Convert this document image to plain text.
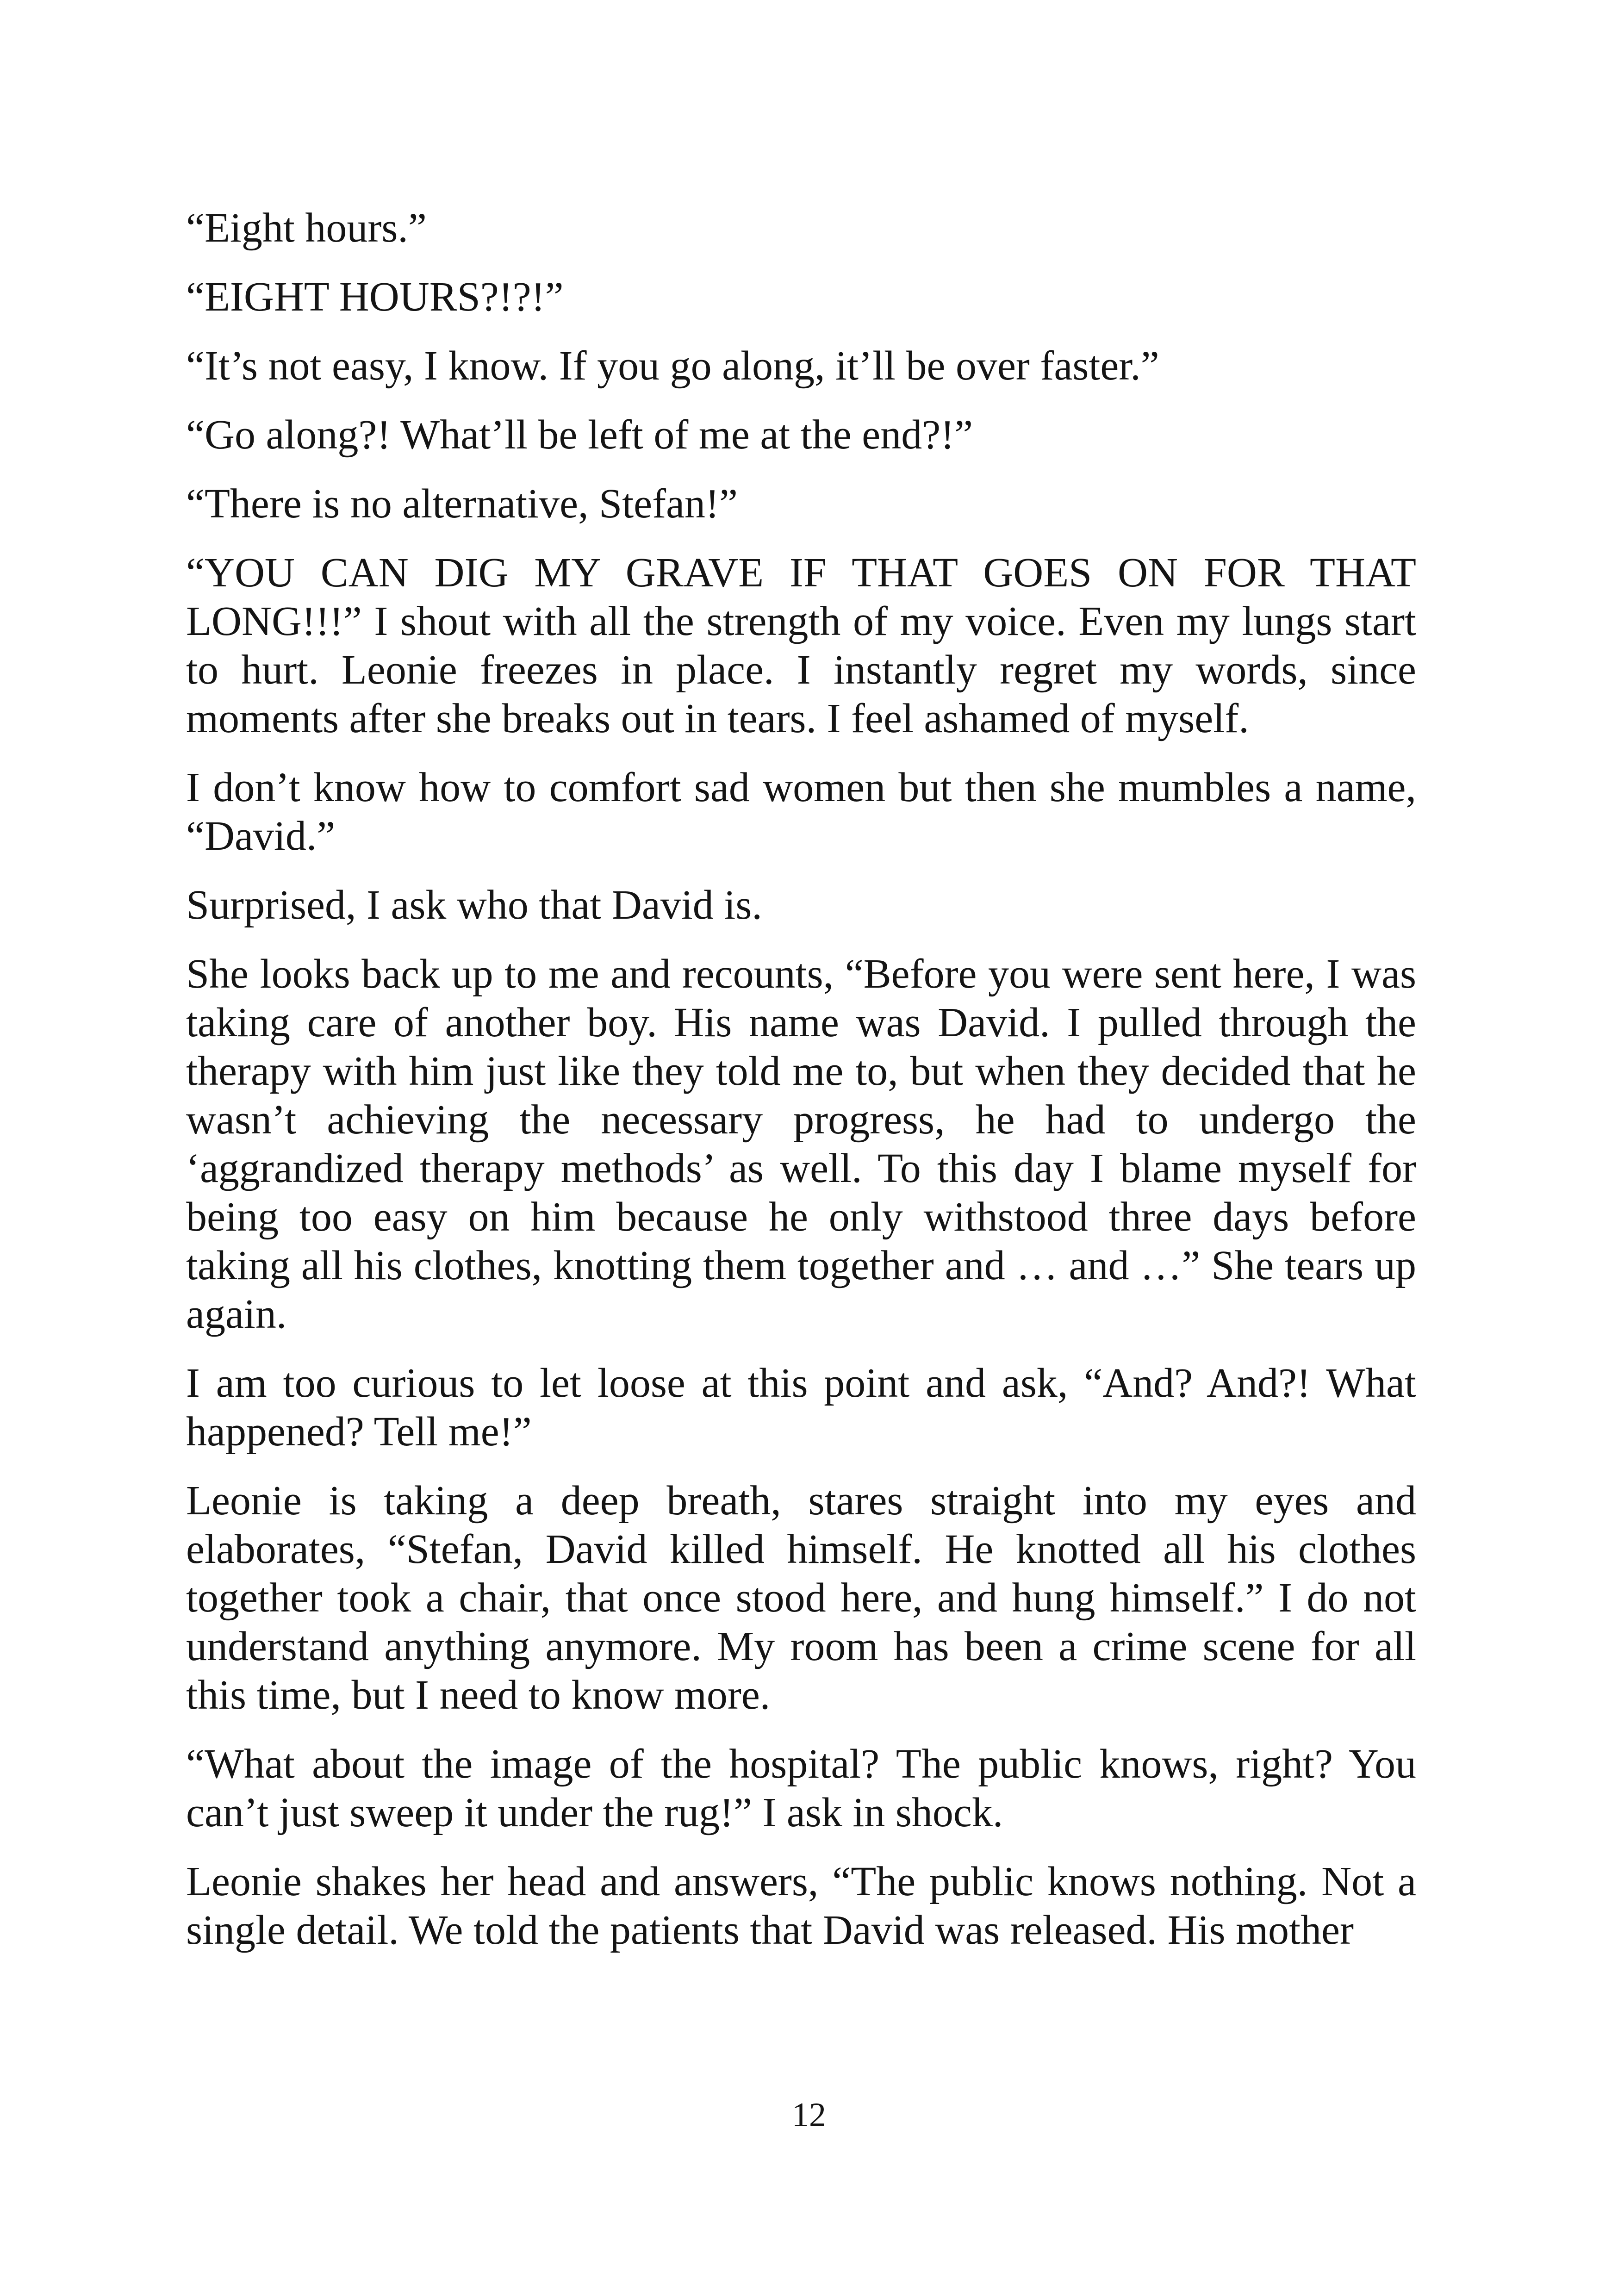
“Eight hours.”

“EIGHT HOURS?!?!”

“It’s not easy, I know. If you go along, it’ll be over faster.”

“Go along?! What’ll be left of me at the end?!”

“There is no alternative, Stefan!”

“YOU CAN DIG MY GRAVE IF THAT GOES ON FOR THAT LONG!!!” I shout with all the strength of my voice. Even my lungs start to hurt. Leonie freezes in place. I instantly regret my words, since moments after she breaks out in tears. I feel ashamed of myself.

I don’t know how to comfort sad women but then she mumbles a name, “David.”

Surprised, I ask who that David is.

She looks back up to me and recounts, “Before you were sent here, I was taking care of another boy. His name was David. I pulled through the therapy with him just like they told me to, but when they decided that he wasn’t achieving the necessary progress, he had to undergo the ‘aggrandized therapy methods’ as well. To this day I blame myself for being too easy on him because he only withstood three days before taking all his clothes, knotting them together and … and …” She tears up again.

I am too curious to let loose at this point and ask, “And? And?! What happened? Tell me!”

Leonie is taking a deep breath, stares straight into my eyes and elaborates, “Stefan, David killed himself. He knotted all his clothes together took a chair, that once stood here, and hung himself.” I do not understand anything anymore. My room has been a crime scene for all this time, but I need to know more.

“What about the image of the hospital? The public knows, right? You can’t just sweep it under the rug!” I ask in shock.

Leonie shakes her head and answers, “The public knows nothing. Not a single detail. We told the patients that David was released. His mother

12
